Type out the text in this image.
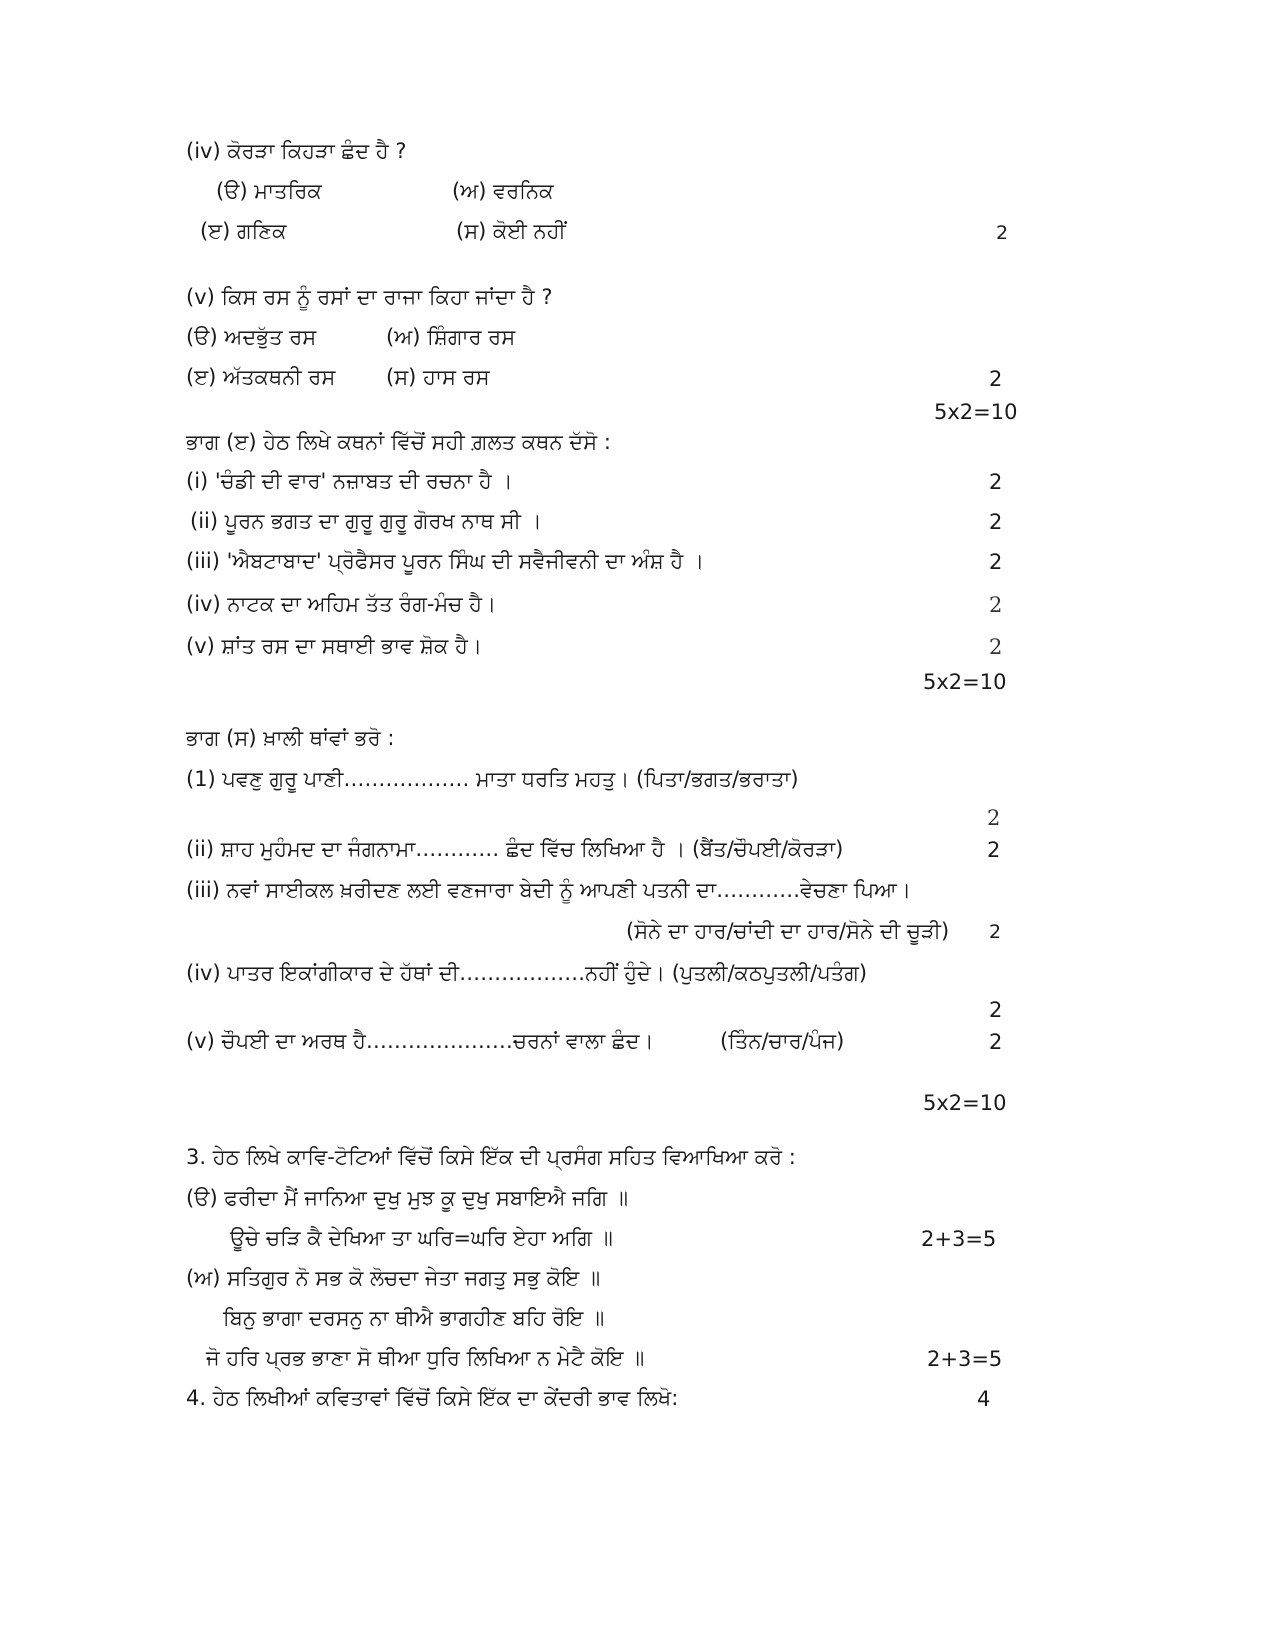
(iv) ਕੋਰੜਾ ਕਿਹੜਾ ਛੰਦ ਹੈ ?
(ੳ) ਮਾਤਰਿਕ	(ਅ) ਵਰਨਿਕ
(ੲ) ਗਣਿਕ	(ਸ) ਕੋਈ ਨਹੀਂ	2
(v) ਕਿਸ ਰਸ ਨੂੰ ਰਸਾਂ ਦਾ ਰਾਜਾ ਕਿਹਾ ਜਾਂਦਾ ਹੈ ?
(ੳ) ਅਦਭੁੱਤ ਰਸ	(ਅ) ਸ਼ਿੰਗਾਰ ਰਸ
(ੲ) ਅੱਤਕਥਨੀ ਰਸ (ਸ) ਹਾਸ ਰਸ	2
5x2=10
ਭਾਗ (ੲ) ਹੇਠ ਲਿਖੇ ਕਥਨਾਂ ਵਿੱਚੋਂ ਸਹੀ ਗ਼ਲਤ ਕਥਨ ਦੱਸੋ :
(i) 'ਚੰਡੀ ਦੀ ਵਾਰ' ਨਜ਼ਾਬਤ ਦੀ ਰਚਨਾ ਹੈ ।	2
(ii) ਪੂਰਨ ਭਗਤ ਦਾ ਗੁਰੂ ਗੁਰੂ ਗੋਰਖ ਨਾਥ ਸੀ ।	2
(iii) 'ਐਬਟਾਬਾਦ' ਪ੍ਰੋਫੈਸਰ ਪੂਰਨ ਸਿੰਘ ਦੀ ਸਵੈਜੀਵਨੀ ਦਾ ਅੰਸ਼ ਹੈ ।	2
(iv) ਨਾਟਕ ਦਾ ਅਹਿਮ ਤੱਤ ਰੰਗ-ਮੰਚ ਹੈ।	2
(v) ਸ਼ਾਂਤ ਰਸ ਦਾ ਸਥਾਈ ਭਾਵ ਸ਼ੋਕ ਹੈ।	2
5x2=10
ਭਾਗ (ਸ) ਖ਼ਾਲੀ ਥਾਂਵਾਂ ਭਰੋ :
(1) ਪਵਣੁ ਗੁਰੂ ਪਾਣੀ……………… ਮਾਤਾ ਧਰਤਿ ਮਹਤੁ। (ਪਿਤਾ/ਭਗਤ/ਭਰਾਤਾ)
2
(ii) ਸ਼ਾਹ ਮੁਹੰਮਦ ਦਾ ਜੰਗਨਾਮਾ………… ਛੰਦ ਵਿੱਚ ਲਿਖਿਆ ਹੈ । (ਬੈਂਤ/ਚੌਪਈ/ਕੋਰੜਾ)	2
(iii) ਨਵਾਂ ਸਾਈਕਲ ਖ਼ਰੀਦਣ ਲਈ ਵਣਜਾਰਾ ਬੇਦੀ ਨੂੰ ਆਪਣੀ ਪਤਨੀ ਦਾ…………ਵੇਚਣਾ ਪਿਆ।
(ਸੋਨੇ ਦਾ ਹਾਰ/ਚਾਂਦੀ ਦਾ ਹਾਰ/ਸੋਨੇ ਦੀ ਚੂੜੀ) 2
(iv) ਪਾਤਰ ਇਕਾਂਗੀਕਾਰ ਦੇ ਹੱਥਾਂ ਦੀ………………ਨਹੀਂ ਹੁੰਦੇ। (ਪੁਤਲੀ/ਕਠਪੁਤਲੀ/ਪਤੰਗ)
2
(v) ਚੌਪਈ ਦਾ ਅਰਥ ਹੈ…………………ਚਰਨਾਂ ਵਾਲਾ ਛੰਦ।	(ਤਿੰਨ/ਚਾਰ/ਪੰਜ)	2
5x2=10
3. ਹੇਠ ਲਿਖੇ ਕਾਵਿ-ਟੋਟਿਆਂ ਵਿੱਚੋਂ ਕਿਸੇ ਇੱਕ ਦੀ ਪ੍ਰਸੰਗ ਸਹਿਤ ਵਿਆਖਿਆ ਕਰੋ :
(ੳ) ਫਰੀਦਾ ਮੈਂ ਜਾਨਿਆ ਦੁਖੁ ਮੁਝ ਕੂ ਦੁਖੁ ਸਬਾਇਐ ਜਗਿ ॥
ਊਚੇ ਚੜਿ ਕੈ ਦੇਖਿਆ ਤਾ ਘਰਿ=ਘਰਿ ਏਹਾ ਅਗਿ ॥	2+3=5
(ਅ) ਸਤਿਗੁਰ ਨੋ ਸਭ ਕੋ ਲੋਚਦਾ ਜੇਤਾ ਜਗਤੁ ਸਭੁ ਕੋਇ ॥
ਬਿਨੁ ਭਾਗਾ ਦਰਸਨੁ ਨਾ ਥੀਐ ਭਾਗਹੀਣ ਬਹਿ ਰੋਇ ॥
ਜੋ ਹਰਿ ਪ੍ਰਭ ਭਾਣਾ ਸੋ ਥੀਆ ਧੁਰਿ ਲਿਖਿਆ ਨ ਮੇਟੈ ਕੋਇ ॥	2+3=5
4. ਹੇਠ ਲਿਖੀਆਂ ਕਵਿਤਾਵਾਂ ਵਿੱਚੋਂ ਕਿਸੇ ਇੱਕ ਦਾ ਕੇਂਦਰੀ ਭਾਵ ਲਿਖੋ:	4
